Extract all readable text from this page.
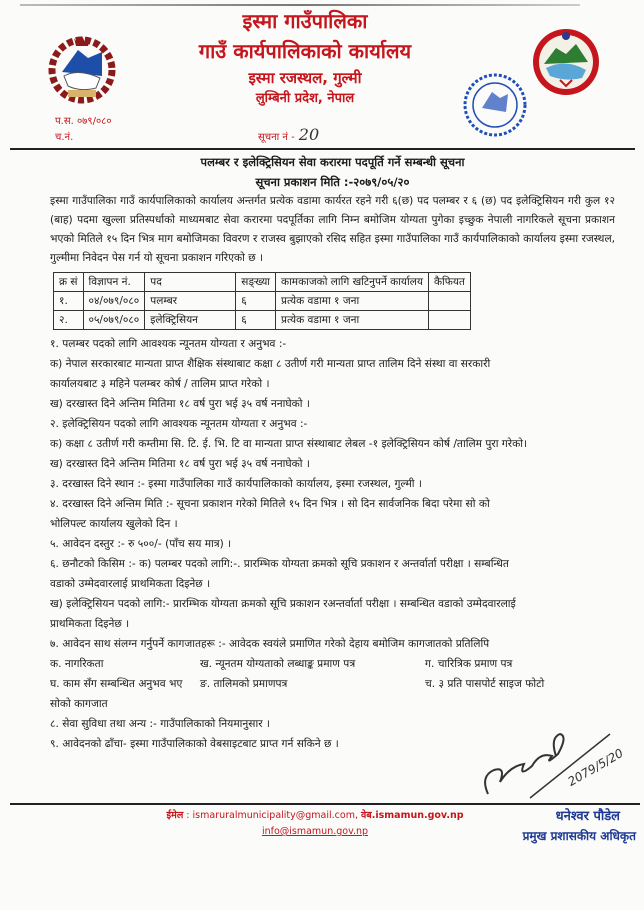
इस्मा गाउँपालिका
गाउँ कार्यपालिकाको कार्यालय
इस्मा रजस्थल, गुल्मी
लुम्बिनी प्रदेश, नेपाल
प.स. ०७९/०८०
च.नं.	सूचना नं - 20
पलम्बर र इलेक्ट्रिसियन सेवा करारमा पदपूर्ति गर्ने सम्बन्धी सूचना
सूचना प्रकाशन मिति :-२०७९/०५/२०
इस्मा गाउँपालिका गाउँ कार्यपालिकाको कार्यालय अन्तर्गत प्रत्येक वडामा कार्यरत रहने गरी ६(छ) पद पलम्बर र ६ (छ) पद इलेक्ट्रिसियन गरी कुल १२ (बाह) पदमा खुल्ला प्रतिस्पर्धाको माध्यमबाट सेवा करारमा पदपूर्तिका लागि निम्न बमोजिम योग्यता पुगेका इच्छुक नेपाली नागरिकले सूचना प्रकाशन भएको मितिले १५ दिन भित्र माग बमोजिमका विवरण र राजस्व बुझाएको रसिद सहित इस्मा गाउँपालिका गाउँ कार्यपालिकाको कार्यालय इस्मा रजस्थल, गुल्मीमा निवेदन पेस गर्न यो सूचना प्रकाशन गरिएको छ ।
क्र सं	विज्ञापन नं.	पद	सङ्ख्या	कामकाजको लागि खटिनुपर्ने कार्यालय	कैफियत
१.	०४/०७९/०८०	पलम्बर	६	प्रत्येक वडामा १ जना	
२.	०५/०७९/०८०	इलेक्ट्रिसियन	६	प्रत्येक वडामा १ जना	
१. पलम्बर पदको लागि आवश्यक न्यूनतम योग्यता र अनुभव :-
क) नेपाल सरकारबाट मान्यता प्राप्त शैक्षिक संस्थाबाट कक्षा ८ उतीर्ण गरी मान्यता प्राप्त तालिम दिने संस्था वा सरकारी
कार्यालयबाट ३ महिने पलम्बर कोर्ष / तालिम प्राप्त गरेको ।
ख) दरखास्त दिने अन्तिम मितिमा १८ वर्ष पुरा भई ३५ वर्ष ननाघेको ।
२. इलेक्ट्रिसियन पदको लागि आवश्यक न्यूनतम योग्यता र अनुभव :-
क) कक्षा ८ उतीर्ण गरी कम्तीमा सि. टि. ई. भि. टि वा मान्यता प्राप्त संस्थाबाट लेबल -१ इलेक्ट्रिसियन कोर्ष /तालिम पुरा गरेको।
ख) दरखास्त दिने अन्तिम मितिमा १८ वर्ष पुरा भई ३५ वर्ष ननाघेको ।
३. दरखास्त दिने स्थान :- इस्मा गाउँपालिका गाउँ कार्यपालिकाको कार्यालय, इस्मा रजस्थल, गुल्मी ।
४. दरखास्त दिने अन्तिम मिति :- सूचना प्रकाशन गरेको मितिले १५ दिन भित्र । सो दिन सार्वजनिक बिदा परेमा सो को
भोलिपल्ट कार्यालय खुलेको दिन ।
५. आवेदन दस्तुर :- रु ५००/- (पाँच सय मात्र) ।
६. छनौटको किसिम :- क) पलम्बर पदको लागि:-. प्रारम्भिक योग्यता क्रमको सूचि प्रकाशन र अन्तर्वार्ता परीक्षा । सम्बन्धित
वडाको उम्मेदवारलाई प्राथमिकता दिइनेछ ।
ख) इलेक्ट्रिसियन पदको लागि:- प्रारम्भिक योग्यता क्रमको सूचि प्रकाशन रअन्तर्वार्ता परीक्षा । सम्बन्धित वडाको उम्मेदवारलाई
प्राथमिकता दिइनेछ ।
७. आवेदन साथ संलग्न गर्नुपर्ने कागजातहरू :- आवेदक स्वयंले प्रमाणित गरेको देहाय बमोजिम कागजातको प्रतिलिपि
क. नागरिकता	ख. न्यूनतम योग्यताको लब्धाङ्क प्रमाण पत्र	ग. चारित्रिक प्रमाण पत्र
घ. काम सँग सम्बन्धित अनुभव भए सोको कागजात
ङ. तालिमको प्रमाणपत्र	च. ३ प्रति पासपोर्ट साइज फोटो
८. सेवा सुविधा तथा अन्य :- गाउँपालिकाको नियमानुसार ।
९. आवेदनको ढाँचा- इस्मा गाउँपालिकाको वेबसाइटबाट प्राप्त गर्न सकिने छ ।
2079/5/20
ईमेल : ismaruralmunicipality@gmail.com, वेब.ismamun.gov.np
info@ismamun.gov.np
धनेश्वर पौडेल
प्रमुख प्रशासकीय अधिकृत
